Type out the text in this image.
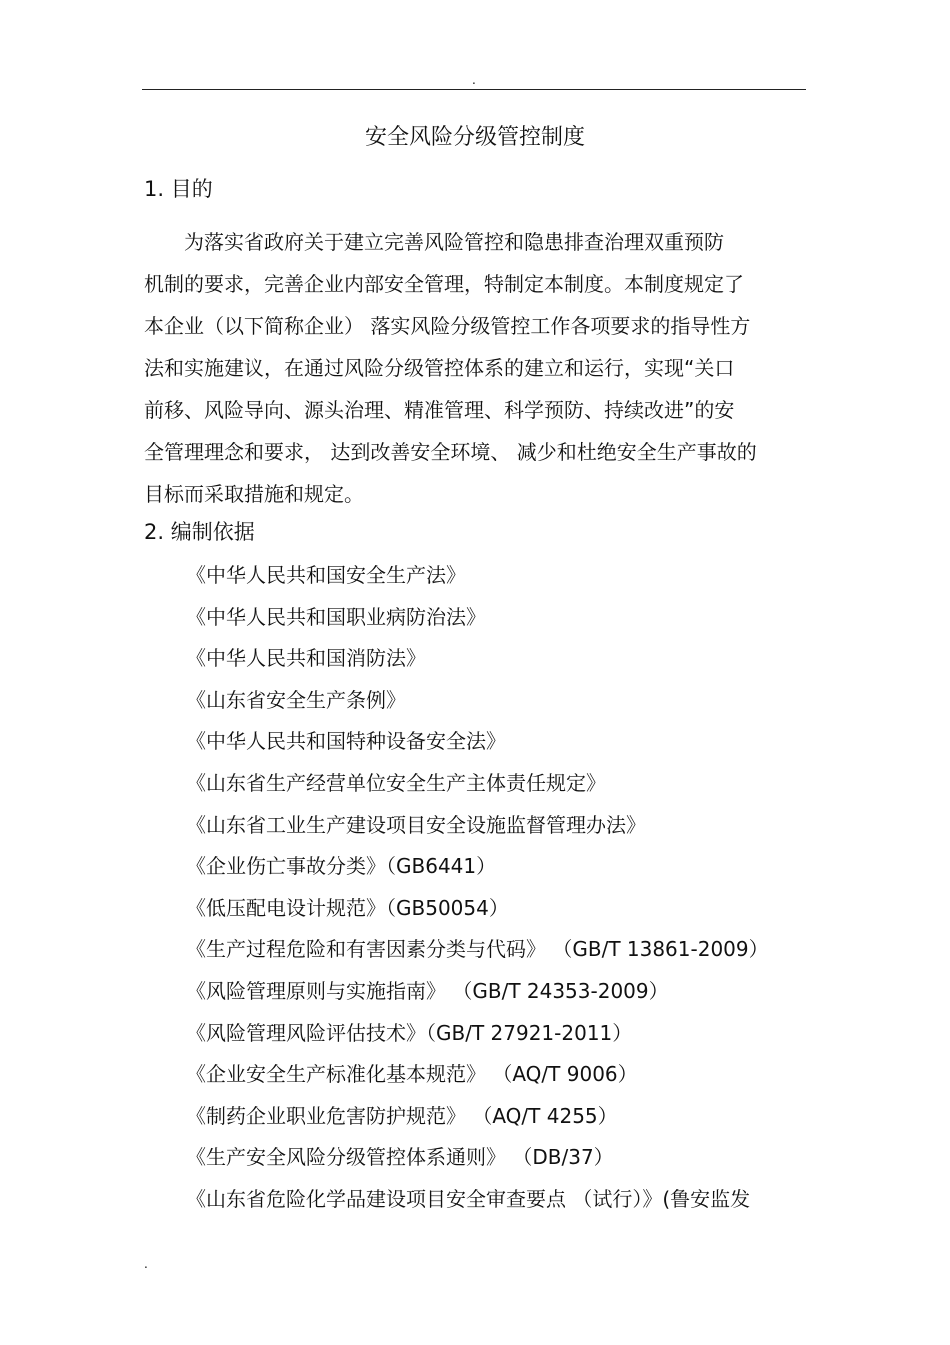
.
安全风险分级管控制度
1. 目的
　　为落实省政府关于建立完善风险管控和隐患排查治理双重预防
机制的要求，完善企业内部安全管理，特制定本制度。本制度规定了
本企业（以下简称企业） 落实风险分级管控工作各项要求的指导性方
法和实施建议，在通过风险分级管控体系的建立和运行，实现“关口
前移、风险导向、源头治理、精准管理、科学预防、持续改进”的安
全管理理念和要求， 达到改善安全环境、 减少和杜绝安全生产事故的
目标而采取措施和规定。
2. 编制依据
《中华人民共和国安全生产法》
《中华人民共和国职业病防治法》
《中华人民共和国消防法》
《山东省安全生产条例》
《中华人民共和国特种设备安全法》
《山东省生产经营单位安全生产主体责任规定》
《山东省工业生产建设项目安全设施监督管理办法》
《企业伤亡事故分类》（GB6441）
《低压配电设计规范》（GB50054）
《生产过程危险和有害因素分类与代码》 （GB/T 13861-2009）
《风险管理原则与实施指南》 （GB/T 24353-2009）
《风险管理风险评估技术》（GB/T 27921-2011）
《企业安全生产标准化基本规范》 （AQ/T 9006）
《制药企业职业危害防护规范》 （AQ/T 4255）
《生产安全风险分级管控体系通则》 （DB/37）
《山东省危险化学品建设项目安全审查要点 （试行）》(鲁安监发
.
